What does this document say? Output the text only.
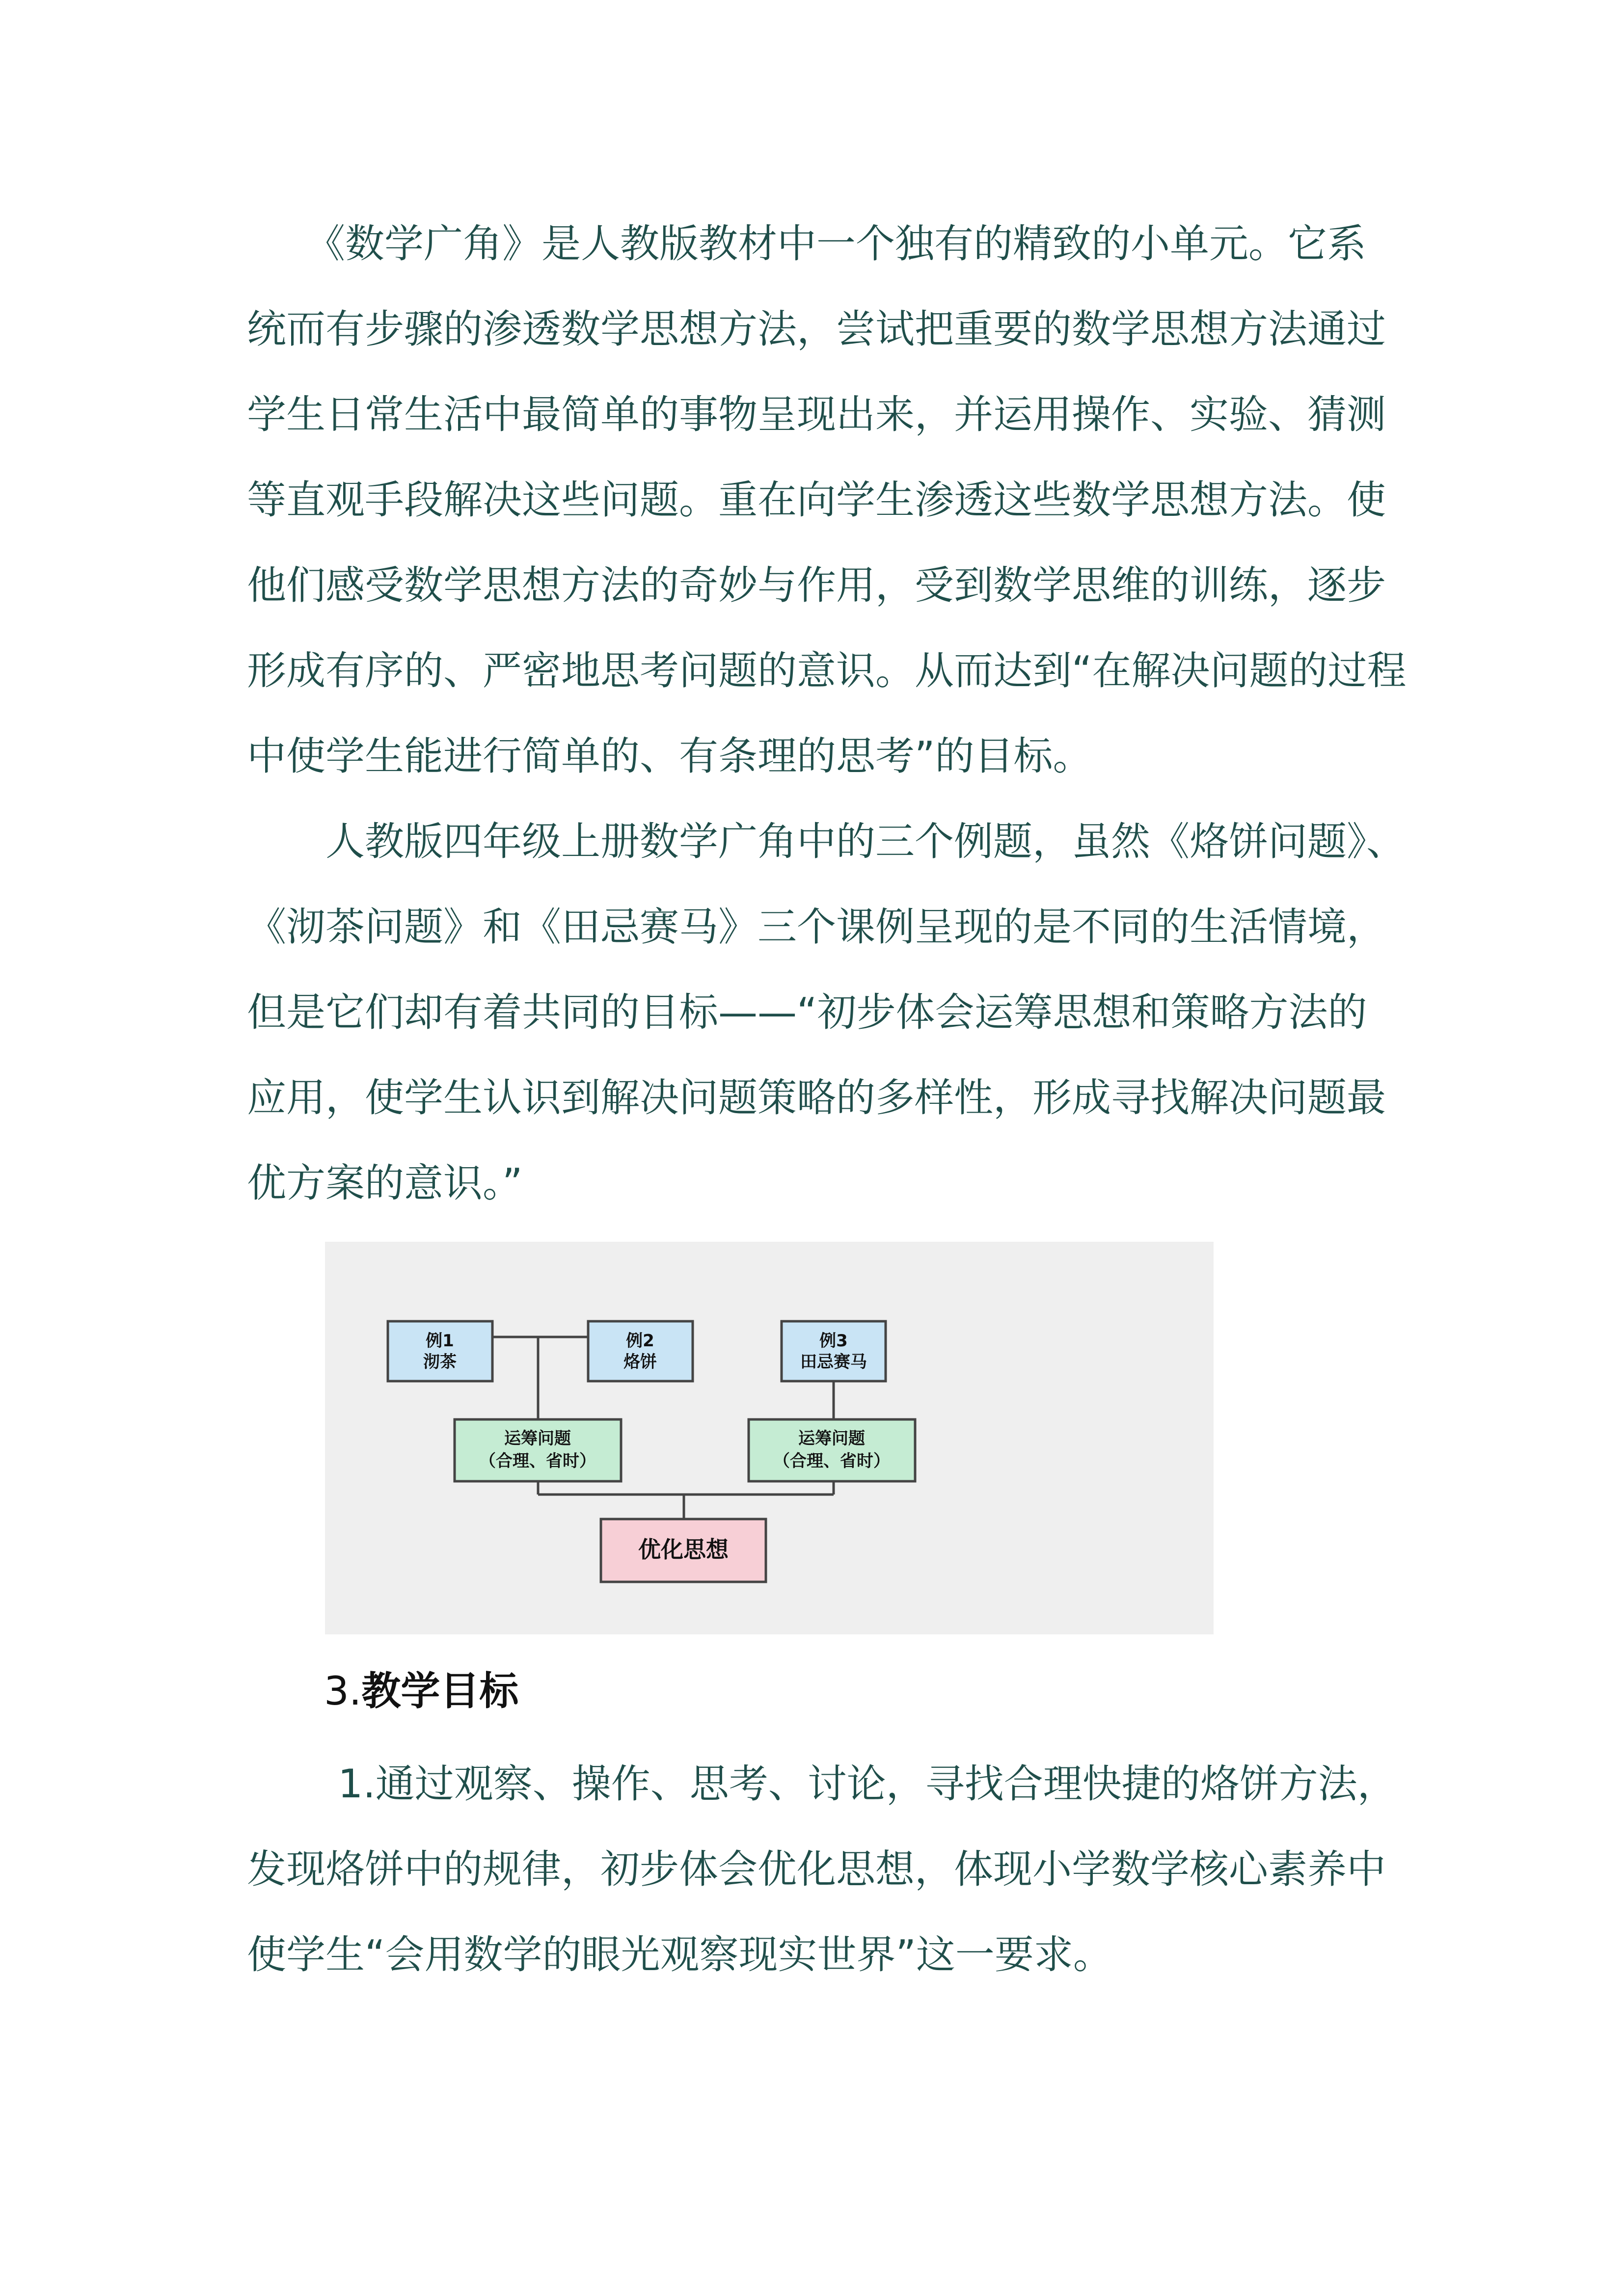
　　《数学广角》是人教版教材中一个独有的精致的小单元。它系
统而有步骤的渗透数学思想方法，尝试把重要的数学思想方法通过
学生日常生活中最简单的事物呈现出来，并运用操作、实验、猜测
等直观手段解决这些问题。重在向学生渗透这些数学思想方法。使
他们感受数学思想方法的奇妙与作用，受到数学思维的训练，逐步
形成有序的、严密地思考问题的意识。从而达到“在解决问题的过程
中使学生能进行简单的、有条理的思考”的目标。
　　人教版四年级上册数学广角中的三个例题，虽然《烙饼问题》、
《沏茶问题》和《田忌赛马》三个课例呈现的是不同的生活情境，
但是它们却有着共同的目标——“初步体会运筹思想和策略方法的
应用，使学生认识到解决问题策略的多样性，形成寻找解决问题最
优方案的意识。”
例1
沏茶
例2
烙饼
例3
田忌赛马
运筹问题
（合理、省时）
运筹问题
（合理、省时）
优化思想

3.教学目标

　　 1.通过观察、操作、思考、讨论，寻找合理快捷的烙饼方法，
发现烙饼中的规律，初步体会优化思想，体现小学数学核心素养中
使学生“会用数学的眼光观察现实世界”这一要求。
